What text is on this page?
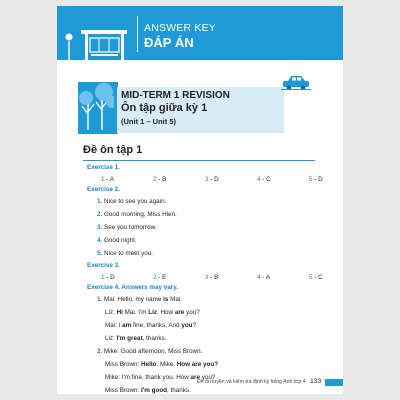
ANSWER KEY
ĐÁP ÁN
MID-TERM 1 REVISION
Ôn tập giữa kỳ 1
(Unit 1 – Unit 5)
Đề ôn tập 1
Exercise 1.
1 - A	2 - B	3 - D	4 - C	5 - D
Exercise 2.
1. Nice to see you again.
2. Good morning, Miss Hien.
3. See you tomorrow.
4. Good night.
5. Nice to meet you.
Exercise 3.
1 - D	2 - E	3 - B	4 - A	5 - C
Exercise 4. Answers may vary.
1. Mai: Hello, my name is Mai.
Liz: Hi Mai. I'm Liz. How are you?
Mai: I am fine, thanks. And you?
Liz: I'm great, thanks.
2. Mike: Good afternoon, Miss Brown.
Miss Brown: Hello, Mike. How are you?
Mike: I'm fine, thank you. How are you?
Miss Brown: I'm good, thanks.
Đề ôn luyện và kiểm tra định kỳ tiếng Anh lớp 4 133
